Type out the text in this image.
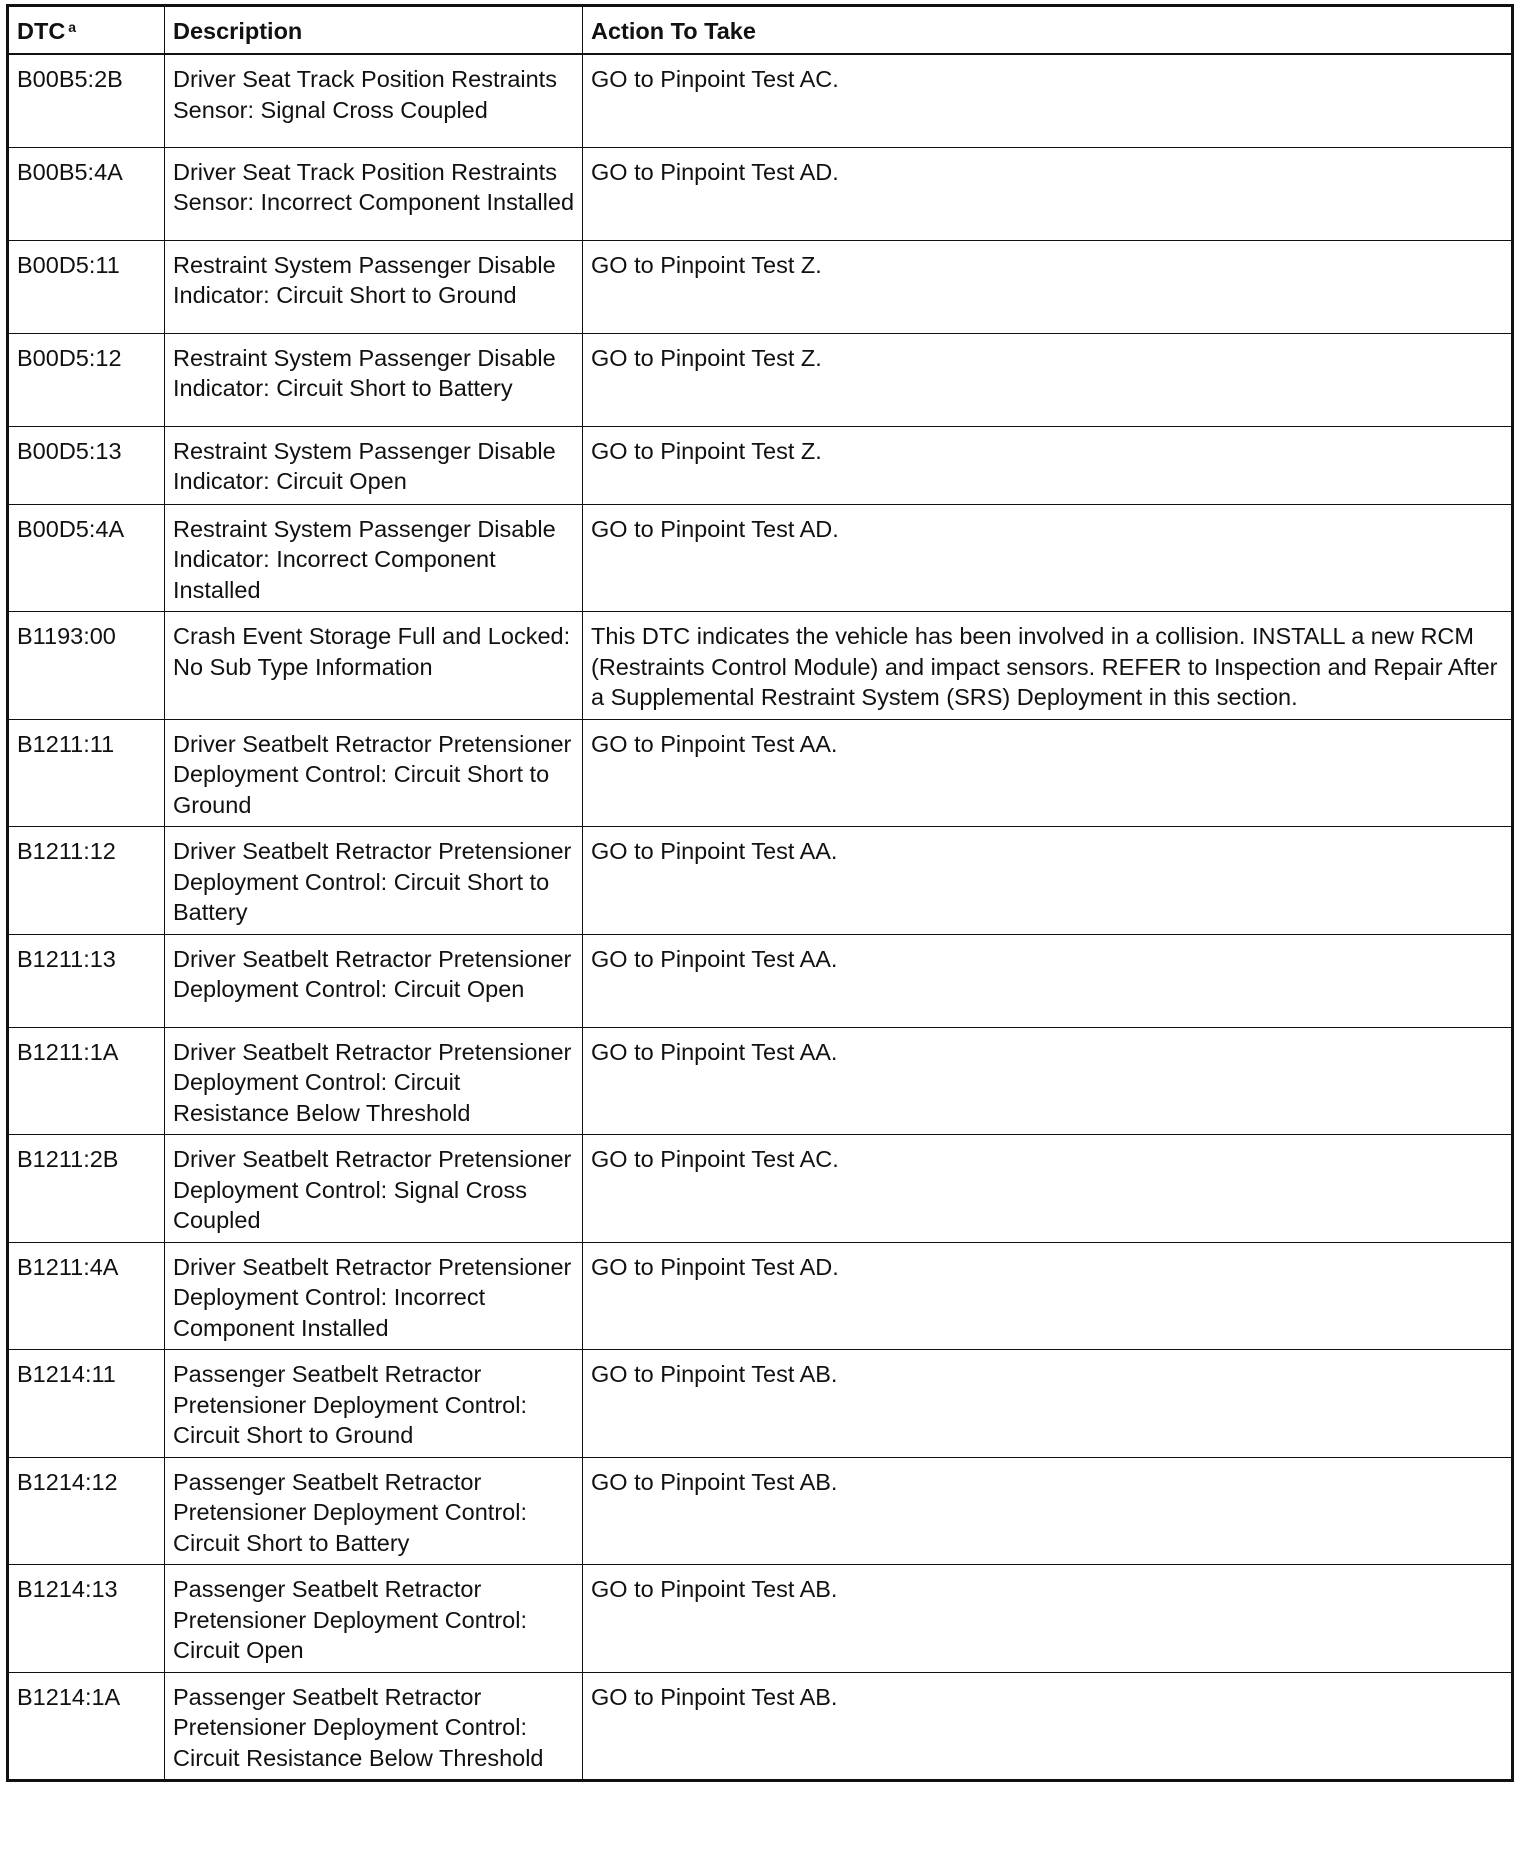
DTC $^a$	Description	Action To Take
B00B5:2B	Driver Seat Track Position Restraints Sensor: Signal Cross Coupled	GO to Pinpoint Test AC.
B00B5:4A	Driver Seat Track Position Restraints Sensor: Incorrect Component Installed	GO to Pinpoint Test AD.
B00D5:11	Restraint System Passenger Disable Indicator: Circuit Short to Ground	GO to Pinpoint Test Z.
B00D5:12	Restraint System Passenger Disable Indicator: Circuit Short to Battery	GO to Pinpoint Test Z.
B00D5:13	Restraint System Passenger Disable Indicator: Circuit Open	GO to Pinpoint Test Z.
B00D5:4A	Restraint System Passenger Disable Indicator: Incorrect Component Installed	GO to Pinpoint Test AD.
B1193:00	Crash Event Storage Full and Locked: No Sub Type Information	This DTC indicates the vehicle has been involved in a collision. INSTALL a new RCM (Restraints Control Module) and impact sensors. REFER to Inspection and Repair After a Supplemental Restraint System (SRS) Deployment in this section.
B1211:11	Driver Seatbelt Retractor Pretensioner Deployment Control: Circuit Short to Ground	GO to Pinpoint Test AA.
B1211:12	Driver Seatbelt Retractor Pretensioner Deployment Control: Circuit Short to Battery	GO to Pinpoint Test AA.
B1211:13	Driver Seatbelt Retractor Pretensioner Deployment Control: Circuit Open	GO to Pinpoint Test AA.
B1211:1A	Driver Seatbelt Retractor Pretensioner Deployment Control: Circuit Resistance Below Threshold	GO to Pinpoint Test AA.
B1211:2B	Driver Seatbelt Retractor Pretensioner Deployment Control: Signal Cross Coupled	GO to Pinpoint Test AC.
B1211:4A	Driver Seatbelt Retractor Pretensioner Deployment Control: Incorrect Component Installed	GO to Pinpoint Test AD.
B1214:11	Passenger Seatbelt Retractor Pretensioner Deployment Control: Circuit Short to Ground	GO to Pinpoint Test AB.
B1214:12	Passenger Seatbelt Retractor Pretensioner Deployment Control: Circuit Short to Battery	GO to Pinpoint Test AB.
B1214:13	Passenger Seatbelt Retractor Pretensioner Deployment Control: Circuit Open	GO to Pinpoint Test AB.
B1214:1A	Passenger Seatbelt Retractor Pretensioner Deployment Control: Circuit Resistance Below Threshold	GO to Pinpoint Test AB.
